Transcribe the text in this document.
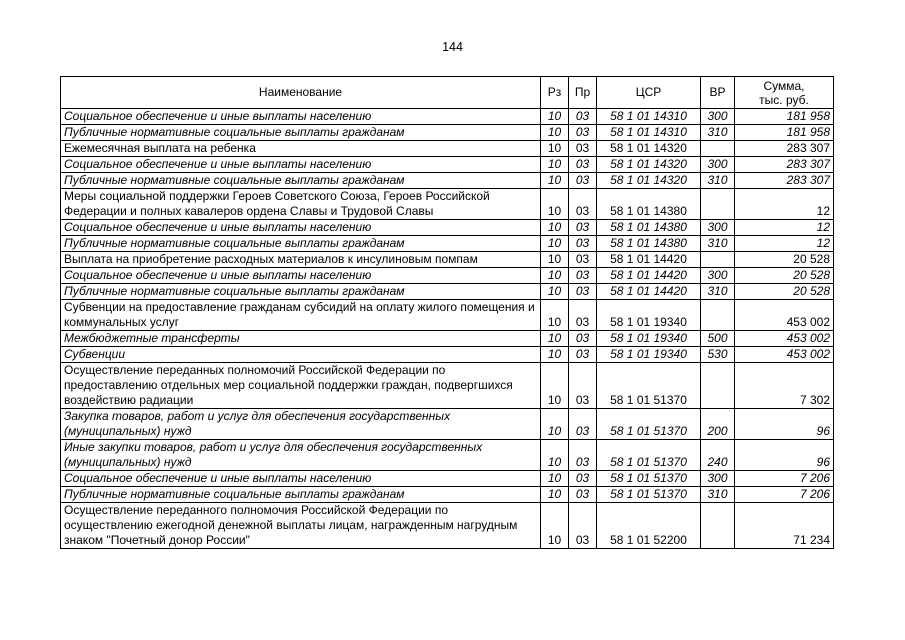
144
Наименование	Рз	Пр	ЦСР	ВР	Сумма,
тыс. руб.
Социальное обеспечение и иные выплаты населению	10	03	58 1 01 14310	300	181 958
Публичные нормативные социальные выплаты гражданам	10	03	58 1 01 14310	310	181 958
Ежемесячная выплата на ребенка	10	03	58 1 01 14320		283 307
Социальное обеспечение и иные выплаты населению	10	03	58 1 01 14320	300	283 307
Публичные нормативные социальные выплаты гражданам	10	03	58 1 01 14320	310	283 307
Меры социальной поддержки Героев Советского Союза, Героев Российской Федерации и полных кавалеров ордена Славы и Трудовой Славы	10	03	58 1 01 14380		12
Социальное обеспечение и иные выплаты населению	10	03	58 1 01 14380	300	12
Публичные нормативные социальные выплаты гражданам	10	03	58 1 01 14380	310	12
Выплата на приобретение расходных материалов к инсулиновым помпам	10	03	58 1 01 14420		20 528
Социальное обеспечение и иные выплаты населению	10	03	58 1 01 14420	300	20 528
Публичные нормативные социальные выплаты гражданам	10	03	58 1 01 14420	310	20 528
Субвенции на предоставление гражданам субсидий на оплату жилого помещения и коммунальных услуг	10	03	58 1 01 19340		453 002
Межбюджетные трансферты	10	03	58 1 01 19340	500	453 002
Субвенции	10	03	58 1 01 19340	530	453 002
Осуществление переданных полномочий Российской Федерации по предоставлению отдельных мер социальной поддержки граждан, подвергшихся воздействию радиации	10	03	58 1 01 51370		7 302
Закупка товаров, работ и услуг для обеспечения государственных (муниципальных) нужд	10	03	58 1 01 51370	200	96
Иные закупки товаров, работ и услуг для обеспечения государственных (муниципальных) нужд	10	03	58 1 01 51370	240	96
Социальное обеспечение и иные выплаты населению	10	03	58 1 01 51370	300	7 206
Публичные нормативные социальные выплаты гражданам	10	03	58 1 01 51370	310	7 206
Осуществление переданного полномочия Российской Федерации по осуществлению ежегодной денежной выплаты лицам, награжденным нагрудным знаком "Почетный донор России"	10	03	58 1 01 52200		71 234
